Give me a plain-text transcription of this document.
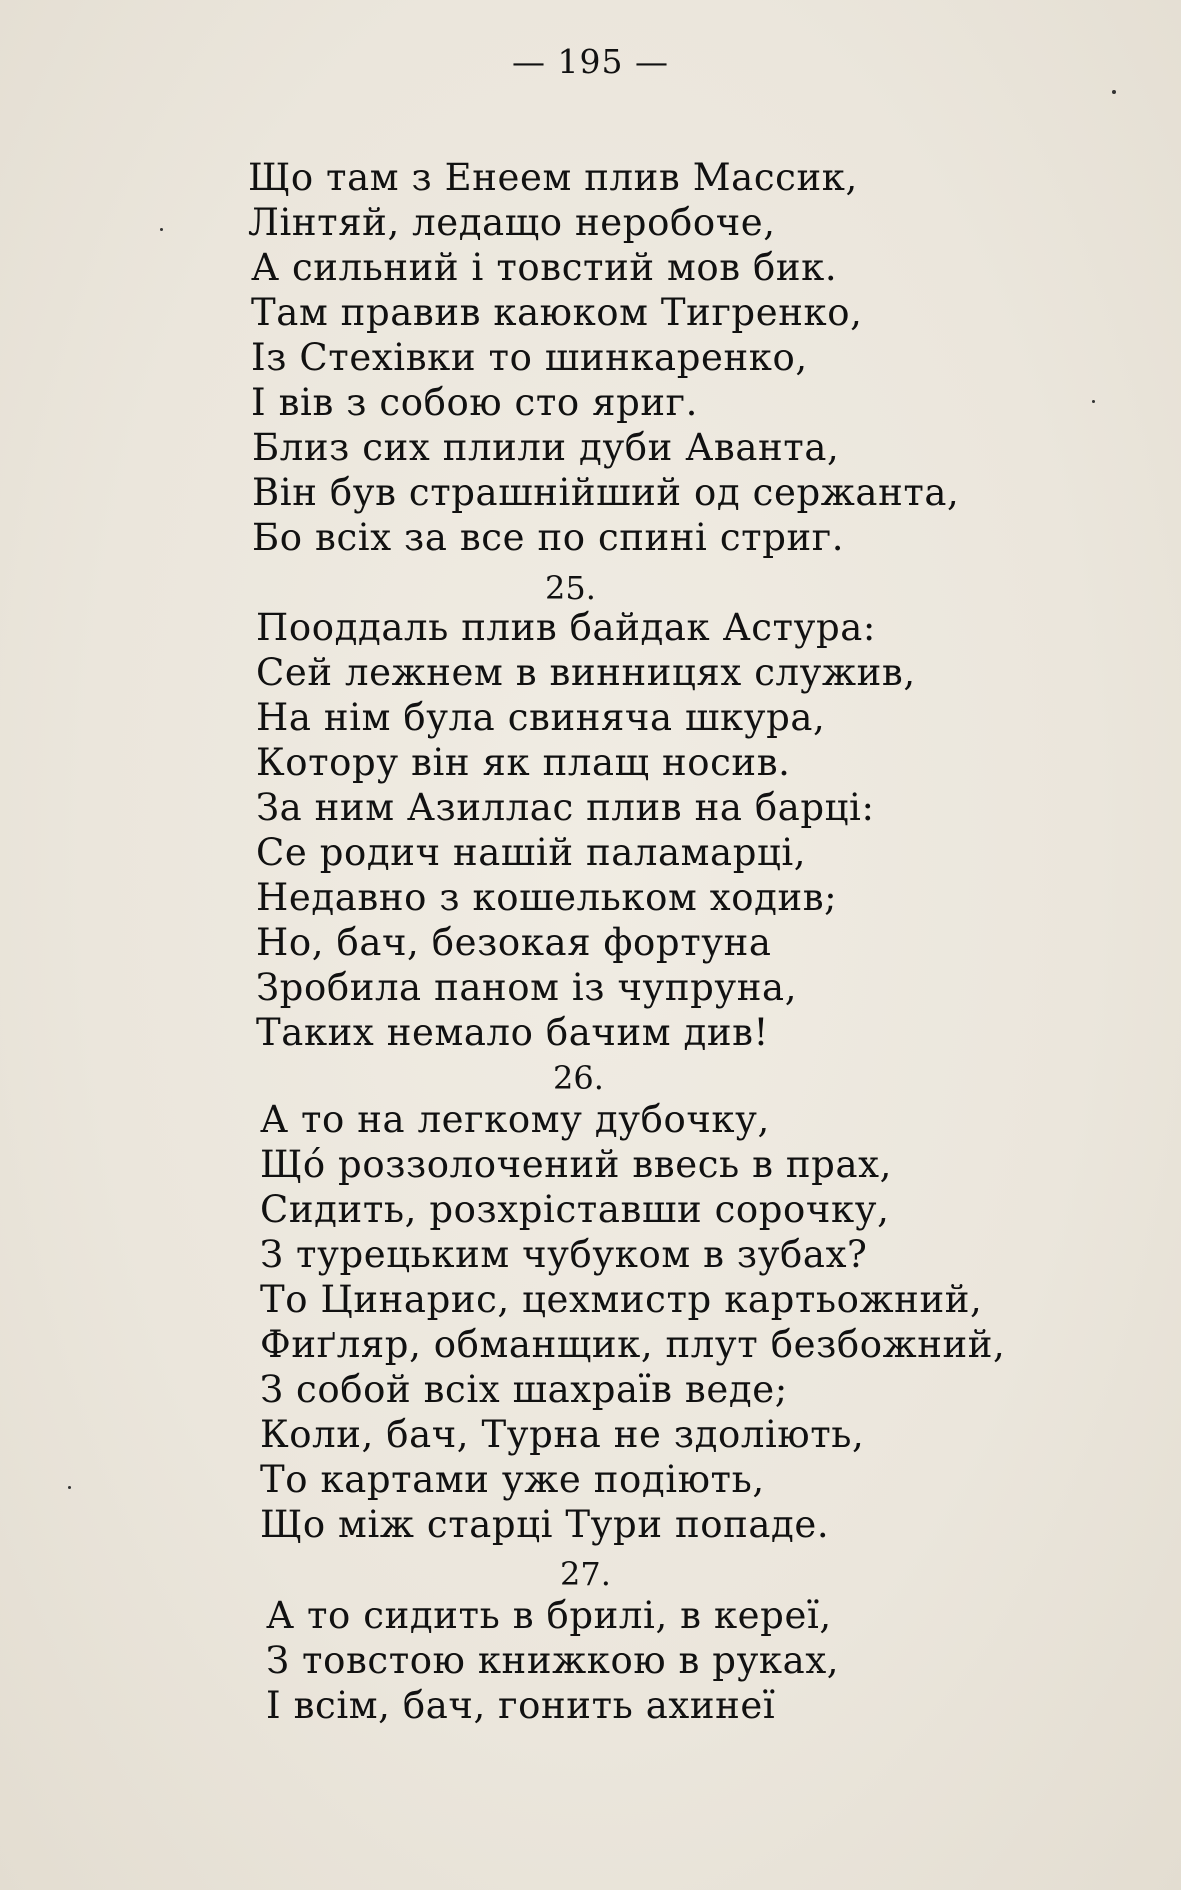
— 195 —
Що там з Енеем плив Массик,
Лінтяй, ледащо неробоче,
А сильний і товстий мов бик.
Там правив каюком Тигренко,
Із Стехівки то шинкаренко,
І вів з собою сто яриг.
Близ сих плили дуби Аванта,
Він був страшнійший од сержанта,
Бо всіх за все по спині стриг.
25.
Пооддаль плив байдак Астура:
Сей лежнем в винницях служив,
На нім була свиняча шкура,
Котору він як плащ носив.
За ним Азиллас плив на барці:
Се родич нашій паламарці,
Недавно з кошельком ходив;
Но, бач, безокая фортуна
Зробила паном із чупруна,
Таких немало бачим див!
26.
А то на легкому дубочку,
Щó роззолочений ввесь в прах,
Сидить, розхріставши сорочку,
З турецьким чубуком в зубах?
То Цинарис, цехмистр картьожний,
Фиґляр, обманщик, плут безбожний,
З собой всіх шахраїв веде;
Коли, бач, Турна не здоліють,
То картами уже подіють,
Що між старці Тури попаде.
27.
А то сидить в брилі, в кереї,
З товстою книжкою в руках,
І всім, бач, гонить ахинеї
